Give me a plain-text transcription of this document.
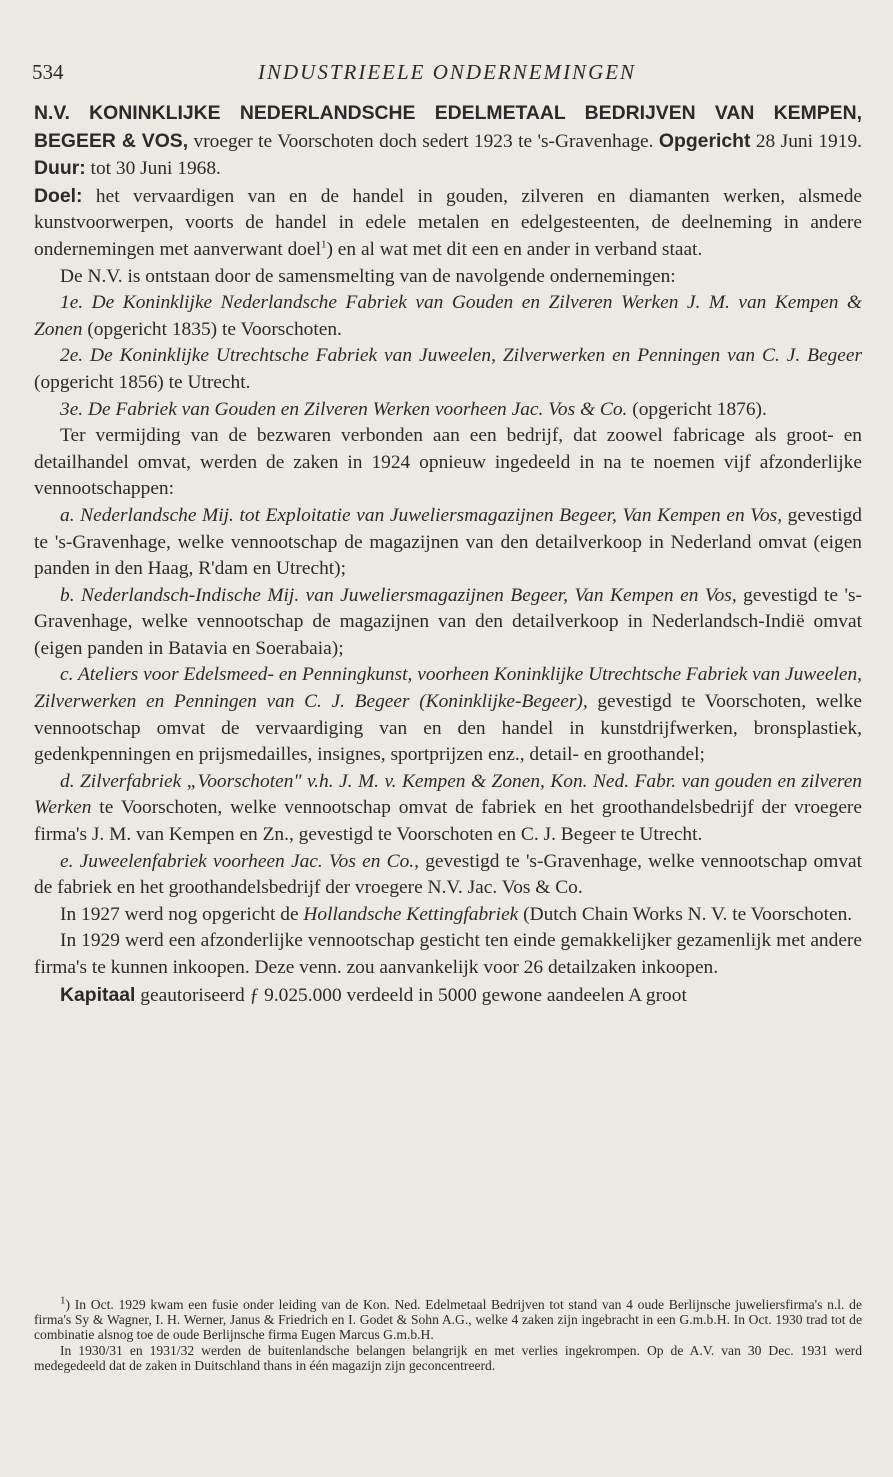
534	INDUSTRIEELE ONDERNEMINGEN

N.V. KONINKLIJKE NEDERLANDSCHE EDELMETAAL BEDRIJVEN VAN KEMPEN, BEGEER & VOS, vroeger te Voorschoten doch sedert 1923 te 's-Gravenhage. Opgericht 28 Juni 1919. Duur: tot 30 Juni 1968.

Doel: het vervaardigen van en de handel in gouden, zilveren en diamanten werken, alsmede kunstvoorwerpen, voorts de handel in edele metalen en edelgesteenten, de deelneming in andere ondernemingen met aanverwant doel$^1$) en al wat met dit een en ander in verband staat.

De N.V. is ontstaan door de samensmelting van de navolgende ondernemingen:

1e. De Koninklijke Nederlandsche Fabriek van Gouden en Zilveren Werken J. M. van Kempen & Zonen (opgericht 1835) te Voorschoten.

2e. De Koninklijke Utrechtsche Fabriek van Juweelen, Zilverwerken en Penningen van C. J. Begeer (opgericht 1856) te Utrecht.

3e. De Fabriek van Gouden en Zilveren Werken voorheen Jac. Vos & Co. (opgericht 1876).

Ter vermijding van de bezwaren verbonden aan een bedrijf, dat zoowel fabricage als groot- en detailhandel omvat, werden de zaken in 1924 opnieuw ingedeeld in na te noemen vijf afzonderlijke vennootschappen:

a. Nederlandsche Mij. tot Exploitatie van Juweliersmagazijnen Begeer, Van Kempen en Vos, gevestigd te 's-Gravenhage, welke vennootschap de magazijnen van den detailverkoop in Nederland omvat (eigen panden in den Haag, R'dam en Utrecht);

b. Nederlandsch-Indische Mij. van Juweliersmagazijnen Begeer, Van Kempen en Vos, gevestigd te 's-Gravenhage, welke vennootschap de magazijnen van den detailverkoop in Nederlandsch-Indië omvat (eigen panden in Batavia en Soerabaia);

c. Ateliers voor Edelsmeed- en Penningkunst, voorheen Koninklijke Utrechtsche Fabriek van Juweelen, Zilverwerken en Penningen van C. J. Begeer (Koninklijke-Begeer), gevestigd te Voorschoten, welke vennootschap omvat de vervaardiging van en den handel in kunstdrijfwerken, bronsplastiek, gedenkpenningen en prijsmedailles, insignes, sportprijzen enz., detail- en groothandel;

d. Zilverfabriek „Voorschoten" v.h. J. M. v. Kempen & Zonen, Kon. Ned. Fabr. van gouden en zilveren Werken te Voorschoten, welke vennootschap omvat de fabriek en het groothandelsbedrijf der vroegere firma's J. M. van Kempen en Zn., gevestigd te Voorschoten en C. J. Begeer te Utrecht.

e. Juweelenfabriek voorheen Jac. Vos en Co., gevestigd te 's-Gravenhage, welke vennootschap omvat de fabriek en het groothandelsbedrijf der vroegere N.V. Jac. Vos & Co.

In 1927 werd nog opgericht de Hollandsche Kettingfabriek (Dutch Chain Works N. V. te Voorschoten.

In 1929 werd een afzonderlijke vennootschap gesticht ten einde gemakkelijker gezamenlijk met andere firma's te kunnen inkoopen. Deze venn. zou aanvankelijk voor 26 detailzaken inkoopen.

Kapitaal geautoriseerd ƒ 9.025.000 verdeeld in 5000 gewone aandeelen A groot

$^1$) In Oct. 1929 kwam een fusie onder leiding van de Kon. Ned. Edelmetaal Bedrijven tot stand van 4 oude Berlijnsche juweliersfirma's n.l. de firma's Sy & Wagner, I. H. Werner, Janus & Friedrich en I. Godet & Sohn A.G., welke 4 zaken zijn ingebracht in een G.m.b.H. In Oct. 1930 trad tot de combinatie alsnog toe de oude Berlijnsche firma Eugen Marcus G.m.b.H.

In 1930/31 en 1931/32 werden de buitenlandsche belangen belangrijk en met verlies ingekrompen. Op de A.V. van 30 Dec. 1931 werd medegedeeld dat de zaken in Duitschland thans in één magazijn zijn geconcentreerd.
